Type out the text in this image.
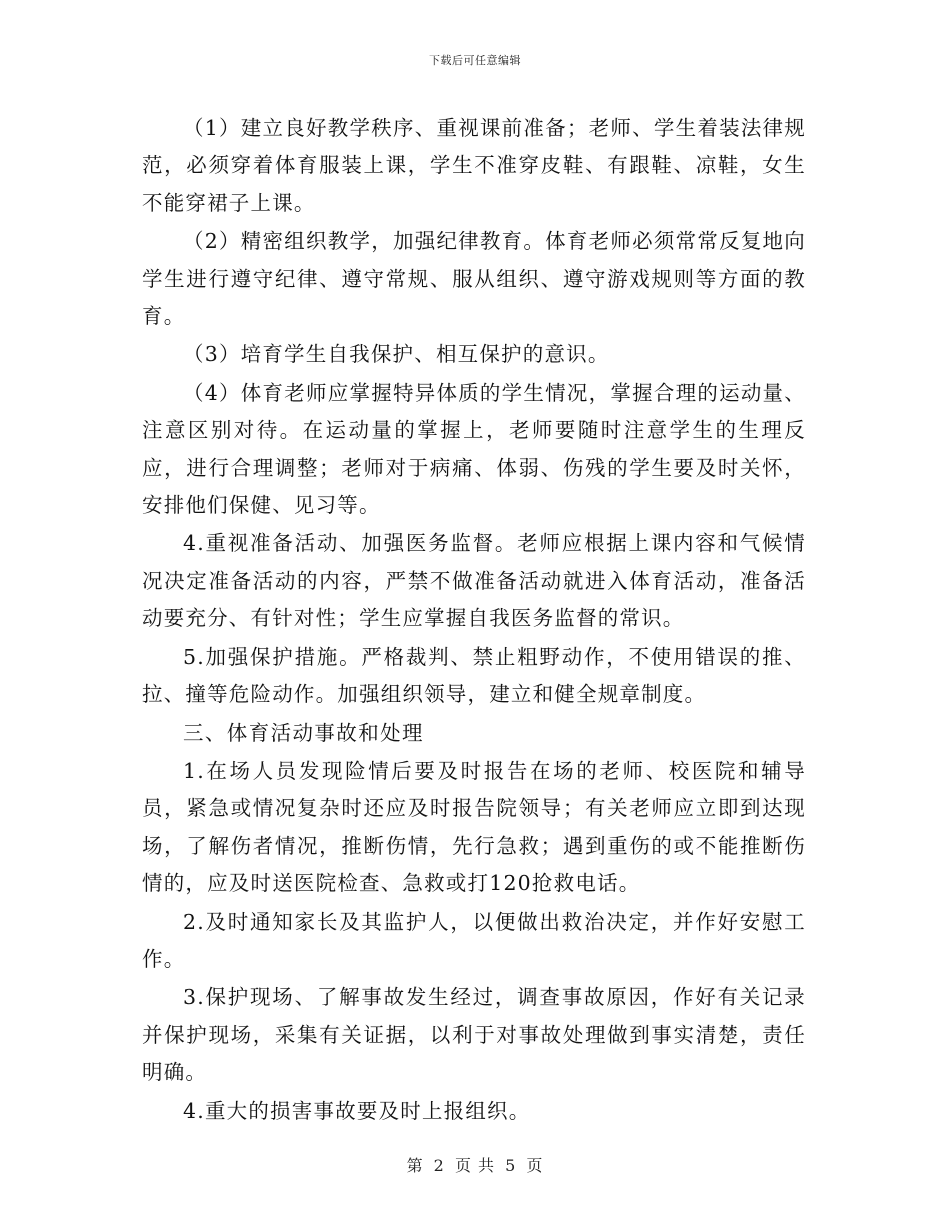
下载后可任意编辑

（1）建立良好教学秩序、重视课前准备；老师、学生着装法律规范，必须穿着体育服装上课，学生不准穿皮鞋、有跟鞋、凉鞋，女生不能穿裙子上课。

（2）精密组织教学，加强纪律教育。体育老师必须常常反复地向学生进行遵守纪律、遵守常规、服从组织、遵守游戏规则等方面的教育。

（3）培育学生自我保护、相互保护的意识。

（4）体育老师应掌握特异体质的学生情况，掌握合理的运动量、注意区别对待。在运动量的掌握上，老师要随时注意学生的生理反应，进行合理调整；老师对于病痛、体弱、伤残的学生要及时关怀，安排他们保健、见习等。

4.重视准备活动、加强医务监督。老师应根据上课内容和气候情况决定准备活动的内容，严禁不做准备活动就进入体育活动，准备活动要充分、有针对性；学生应掌握自我医务监督的常识。

5.加强保护措施。严格裁判、禁止粗野动作，不使用错误的推、拉、撞等危险动作。加强组织领导，建立和健全规章制度。

三、体育活动事故和处理

1.在场人员发现险情后要及时报告在场的老师、校医院和辅导员，紧急或情况复杂时还应及时报告院领导；有关老师应立即到达现场，了解伤者情况，推断伤情，先行急救；遇到重伤的或不能推断伤情的，应及时送医院检查、急救或打120抢救电话。

2.及时通知家长及其监护人，以便做出救治决定，并作好安慰工作。

3.保护现场、了解事故发生经过，调查事故原因，作好有关记录并保护现场，采集有关证据，以利于对事故处理做到事实清楚，责任明确。

4.重大的损害事故要及时上报组织。

第 2 页 共 5 页
